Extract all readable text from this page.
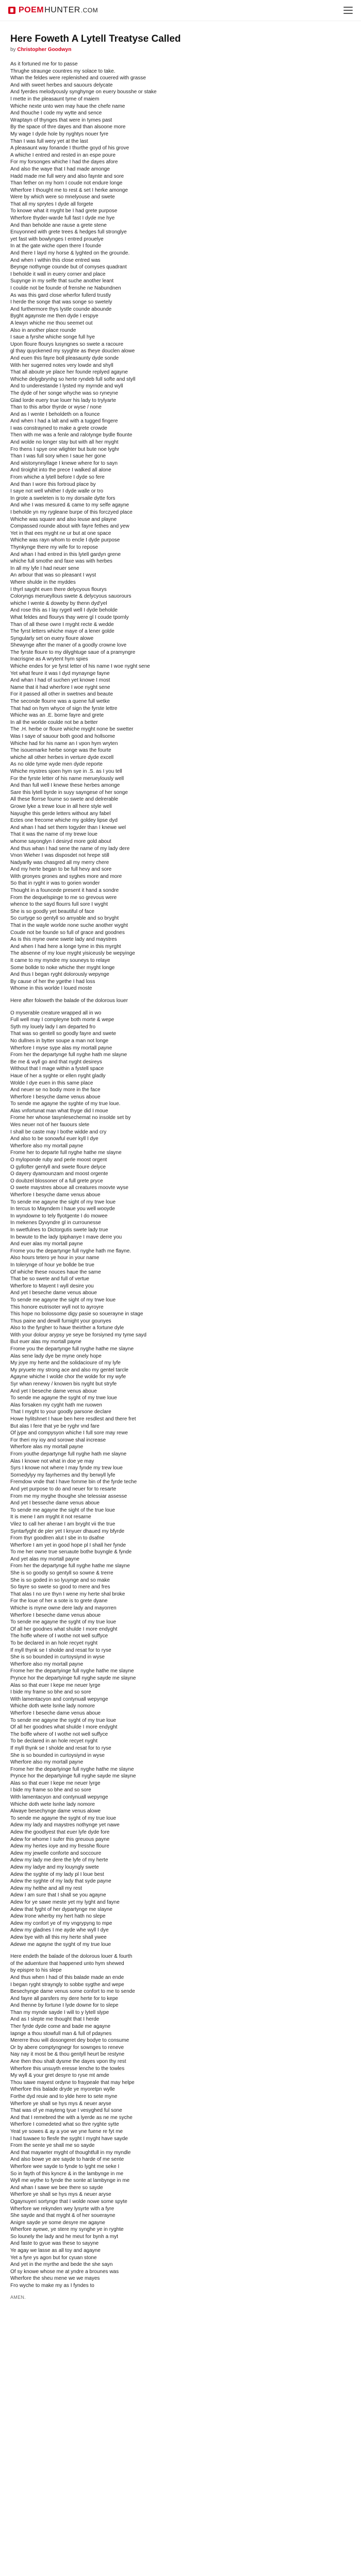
POEM HUNTER .COM
Here Foweth A Lytell Treatyse Called
by Christopher Goodwyn
As it fortuned me for to passe
Thrughe straunge countres my solace to take.
Whan the feldes were replenished and couered with grasse
And with sweet herbes and sauours delycate
And fyerdes melodyously synghynge on euery bousshe or stake
I mette in the pleasaunt tyme of maiem
Whiche nexte unto wen may haue the chefe name
And thouche I code my wytte and sence
Wraptayn of thynges that were in tymes past
By the space of thre dayes and than alsoone more
My wage I dyde hole by nyghtys nouer fyre
Than I was full wery yet at the last
A pleasaunt way fonande I thurthe goyd of his grove
A whiche I entred and rested in an espe poure
For my forsonges whiche I had the dayes afore
And also the waye that I had made amonge
Hadd made me full wery and also faynte and sore
Than fether on my horn I coude not endure longe
Wherfore I thought me to rest & set I herke amonge
Were by which were so mnelyouse and swete
That all my sprytes I dyde all forgete
To knowe what it myght be I had grete purpose
Wherfore thyder-warde full fast I dyde me hye
And than beholde ane rause a grete stene
Enuyonned with grete trees & hedges full stronglye
yet fast with bowlynges I entred prouelye
In at the gate wiche open there I founde
And there I layd my horse & lyghted on the grounde.
And when I within this close entred was
Beynge nothynge counde but of comyses quadrant
I beholde it wall in euery corner and place
Supynge in my selfe that suche another leant
I coulde not be founde of frenshe ne Nabundnen
As was this gard close wherfor fullerd trustly
I herde the songe that was songe so swetely
And furthermore thys lystle counde abounde
Byght agaynste me then dyde I erspye
A lewyn whiche me thou seemet out
Also in another place rounde
I saue a fyrshe whiche songe full hye
Upon floure flourys lusyngnes so swete a racoure
gl thay quyckened my syyghte as theye douclen alowe
And euen this fayre boll pleasaunty dyde sonde
With her sugerred notes very lowde and shyll
That all aboute ye place her founde replyed agayne
Whiche delygbrynhg so herte ryndeb full softe and styll
And to underestande I lysted my myrnde and wyll
The dyde of her songe whyche was so ryneyne
Glad lorde euery true louer his lady to trylyarte
Than to this arbor thyrde or wyse / none
And as I wente I beholdeth on a founce
And when I had a lalt and with a tugged fingere
I was constrayned to make a grete crowde
Then with me was a fenle and ralotynge bydle flounte
And wolde no longer stay but with all her myght
Fro thens I spye one wlighter but bute noe lyghr
Than I was full sory when I saue her gone
And wistonynnyllage I knewe where for to sayn
And tiroighit into the prece I walked all alone
From whiche a lytell before I dyde so fere
And than I wore this fortroud place by
I saye not well whither I dyde walle or tro
In grote a sweleten is to my dorsaile dytte fors
And whe I was mesured & came to my selfe agayne
I beholde yn my rygleane burpe of this forczyed place
Whiche was square and also leuse and playne
Compassed rounde about with fayre fethes and yew
Yet in that ees myght ne ur but at one space
Whiche was rayn whom to encle I dyde purpose
Thynkynge there my wife for to repose
And whan I had entred in this lytell gardyn grene
whiche full smothe and faxe was with herbes
In all my lyfe I had neuer sene
An arbour that was so pleasant I wyst
Where shulde in the myddes
I thyrl sayght euen there delycyous flourys
Coloryngs merueyllous swete & delycyous sauorours
whiche I wente & doweby by thenn dyd'yel
And rose this as I lay rygell well I dyde beholde
What feldes and flourys thay were gl I coude tpornly
Than of all these owre I myght recte & wedde
The fyrst letters whiche maye of a lener golde
Syngularly set on euery floure alowe
Shewynge after the maner of a goodly crowne love
The fyrste floure to my dilyghtuge saue of a pramyngre
Inacrisgne as A wrytent hym spies
Whiche endes for ye fyrst letter of his name I woe nyght sene
Yet what feure it was I dyd mynaynge fayne
And whan I had of suchen yet knowe I most
Name that it had wherfore I woe nyght sene
For it passed all other in swetnes and beaute
The seconde flourre was a quene full wetke
That had on hym whyce of sign the fyrste lettre
Whiche was an .E. borne fayre and grete
In all the worlde coulde not be a better
The .H. herbe or floure whiche myght none be swetter
Was I saye of sauour both good and hollsome
Whiche had for his name an I vpon hym wryten
The isouemarke herbe songe was the fourte
whiche all other herbes in verture dyde excell
As no olde tyme wyde men dyde reporte
Whiche mystres sjoen hym sye in .S. as I you tell
For the fyrste letter of his name merueylously well
And than full well I knewe these herbes amonge
Sare this lytell byrde in suyy sayngese of her songe
All these florrse fourne so swete and delrerable
Growe lyke a trewe loue in all here style well
Nayughe this gerde letters without any fabel
Ectes one frecome whiche my goldey lipse dyd
And whan I had set them togyder than I knewe wel
That it was the name of my trewe loue
whome sayonglyn I desiryd more gold about
And thus whan I had sene the name of my lady dere
Vnon Wieher I was disposdet not hrepe still
Nadyarlly was chasgred all my merry chere
And my herte began to be full hevy and sore
With gronyes grones and syghes more and more
So that in ryght ir was to gorien wonder
Thought in a founcede present it hand a sondre
From the dequelspinge to me so grevous were
whence to the sayd flourrs full sore I wyght
She is so goodly yet beautiful of face
So curtyge so gentyll so amyable and so bryght
That in the wayle worlde none suche another wyght
Coude not be founde so full of grace and goodnes
As is this myne owne swete lady and maystres
And when I had here a longe tyme in this myrght
The absenne of my loue myght yisiceusly be wepyinge
It came to my myndre my souneys to relaye
Some bollde to noke whiche ther myght longe
And thus I began ryght dolorously wepynge
By cause of her the ygethe I had loss
Whome in this worlde I loued moste
Here after foloweth the balade of the dolorous louer
O myserable creature wrapped all in wo
Full well may I compleyne both morte & wepe
Syth my louely lady I am departed fro
That was so gentell so goodly fayre and swete
No dullnes in bytter soupe a man not longe
Wherfore I myse sype alas my mortall payne
From her the departynge full nyghe hath me slayne
Be me & wyll go and that nyght desireys
Without that I mage within a fystell space
Haue of her a syghte or ellen nyght gladly
Wolde I dye euen in this same place
And neuer se no bodiy more in the face
Wherfore I besyche dame venus aboue
To sende me agayne the syghte of my true loue.
Alas vnfortunat man what thyge did I moue
Frome her whose tasynlesechemat no insolde set by
Wes neuer not of her fauours slete
I shall be caste may I bothe widde and cry
And also to be sonowful euer kyll I dye
Wherfore also my mortall payne
Frome her to departe full nyghe hathe me slayne
O myloponde ruby and perle moost orgent
O gyllofter gentyll and swete floure delyce
O dayery dyamounzam and moost orgente
O doubzel blossoner of a full grete pryce
O swete maystres aboue all creatures moovte wyse
Wherfore I besyche dame venus aboue
To sende me agayne the sight of my trwe loue
In tercus to Mayndem I haue you well wooyde
In wyndowne to tely flyotgente I do mowee
In mekenes Dyvyndre gl in currounesse
In swetfulnes to Dictorgutis swete lady true
In bewute to the lady Ipiphanye I mave derre you
And euer alas my mortall payne
Frome you the departynge full nyghe hath me flayne.
Also hours tetero ye hour in your name
In tolerynge of hour ye bollde be true
Of whiche these nouces haue the same
That be so swete and full of vertue
Wherfore to Mayent I wyll desire you
And yet I beseche dame venus aboue
To sende me agayne the sight of my trwe loue
This honore eutrisoter wyll not to ayroyre
This hope no bolossome digy pasie so souerayne in stage
Thus paine and dewill furnight your gounyes
Also to the fyrgher to haue theirther a fortune dyle
With your dolour arypsy ye seye be forsiyned my tyme sayd
But euer alas my mortall payne
Frome you the departynge full nyghe hathe me slayne
Alas sene lady dye be myne onely hope
My joye my herte and the solidacioure of my lyfe
My pryuete my strong ace and also my gentel tarcle
Agayne whiche I wolde chor the wolde for my wyfe
Syr whan renewy / knowen bis nyght but stryfe
And yet I beseche dame venus aboue
To sende me agayne the syght of my trwe loue
Alas forsaken my cyght hath me ruowen
That I myght to your goodly parsone declare
Howe hylitshnet I haue ben here resdlest and there fret
But alas I fere that ye be ryghr vnd fare
Of jype and compysyon whiche I full sore may rewe
For theri my ioy and sorowe shal increase
Wherfore alas my mortall payne
From youthe departynge full nyghe hath me slayne
Alas I knowe not what in doe ye may
Syrs I knowe not where I may fynde my trew loue
Sornedylyy my fayrhernes and thy berwyll lyfe
Fremdow vnde that I have fomme bin of the fyrde teche
And yet purpose to do and neuer for to resarte
From me my myghe thoughe she telessiar assesse
And yet I besseche dame venus aboue
To sende me agayne the sight of the true loue
It is mene I am myght it not resarne
Vilez to call her aherae I am bryght vii the true
Syntarfyght de pler yet I knyuer dhaued my bfyrde
From thyr goodlren alut I sbe in to dsafne
Wherfore I am yet in good hope pl I shall her fynde
To me her owne true seruaute bothe buyngle & fynde
And yet alas my mortall payne
From her the departynge full nyghe hathe me slayne
She is so goodly so gentyll so sowne & trerre
She is so goded in so lyuynge and so make
So fayre so swete so good to mere and fres
That alas I no ure thyn I wene my herte shal broke
For the loue of her a sote is to grete dyane
Whiche is myne owne dere lady and mayorren
Wherfore I beseche dame venus aboue
To sende me agayne the syght of my true loue
Of all her goodnes what shulde I more endyght
The hoffe where of I wothe not well suffyce
To be declared in an hole recyet nyght
If myll thynk se I sholde and resat for to ryse
She is so bounded in curtoysiynd in wyse
Wherfore also my mortall payne
Frome her the departyinge full nyghe hathe me slayne
Prynce hor the departyinge full nyghe sayde me slayne
Alas so that euer I kepe me neuer lyrge
I bide my frame so bhe and so sore
With lamentacyon and contynuall wepynge
Whiche doth wete lsnhe lady nomore
Wherfore I beseche dame venus aboue
To sende me agayne the syght of my true loue
Of all her goodnes what shulde I more endyght
The boffe where of I wothe not well suffyce
To be declared in an hole recyet nyght
If myll thynk se I sholde and resat for to ryse
She is so bounded in curtoysiynd in wyse
Wherfore also my mortall payne
Frome her the departyinge full nyghe hathe me slayne
Prynce hor the departyinge full nyghe sayde me slayne
Alas so that euer I kepe me neuer lyrge
I bide my frame so bhe and so sore
With lamentacyon and contynuall wepynge
Whiche doth wete lsnhe lady nomore
Alwaye besechynge dame venus alowe
To sende me agayne the syght of my true loue
Adew my lady and maystres nothynge yet nawe
Adew the goodlyest that euer lyfe dyde fore
Adew for whome I sufer this greuous payne
Adew my hertes ioye and my fresshe floure
Adew my jewelle conforte and soccoure
Adew my lady me dere the lyfe of my herte
Adew my ladye and my louyngly swete
Adew the syghte of my lady pl I loue best
Adew the syghte of my lady that syde payne
Adew my helthe and all my rest
Adew I am sure that I shall se you agayne
Adew for ye sawe meste yet my lyght and fayne
Adew that fyght of her dypartynge me slayne
Adew Irone wherby my hert hath no slepe
Adew my confort ye of my vngrypyng to mpe
Adew my gladnes I me ayde whe wyll I dye
Adew bye with all this my herte shall ywee
Adewe me agayne the syght of my true loue
Here endeth the balade of the dolorous louer & fourth
of the aduenture that happened unto hym shewed
by epispre to his slepe
And thus when I had of this balade made an ende
I began ryght strayngly to sobbe sygthe and wepe
Besechynge dame venus some confort to me to sende
And fayre all parsfers my dere herte for to kepe
And thenne by fortune I lyde downe for to slepe
Than my mynde sayde I will to y lytell slype
And as I slepte me thought that I herde
Ther fyrde dyde come and bade me agayne
Iapnge a thou stowfull man & full of pdaynes
Mererre thou will dosongeret dey bodye to consume
Or by abere comptyngnegr for sownges to reneve
Nay nay it most be & thou gentyll heurt be restyne
Ane then thou shalt dysme the dayes vpon thy rest
Wherfore this unsuyth eresse lenche to the towles
My wyll & your gret desyre to ryse mt amde
Thou sawe mayest ordyne to fraypeale that may helpe
Wherfore this balade dryde ye myoretpn wylle
Forthe dyd reuie and to ylde here to sete myne
Wherfore ye shall se hys mys & neuer aryse
That was of ye mayteng tyue I vesyghed ful sone
And that I remebred the with a lyerde as ne me syche
Wherfore I comedeted what so thre ryghte sytte
Yeat ye sowes & ay a yoe we yne fuene re fyt me
I had tuwaee to flesfe the syght I myght have sayde
From the sente ye shall me so sayde
And that mayaeter myght of thoughtfull in my myndle
And also bowe ye are sayde to harde of me sente
Wherfore wee sayde to fynde to lyght me seke I
So in fayth of this kyncre & in the lambynge in me
Wyll me wythe to fynde the sonte at lambynge in me
And whan I sawe we bee there so sayde
Wherfore ye shall se hys mys & neuer aryse
Ogaynuyeri sortynge that I wolde nowe some spyte
Wherfore we rekynden wey lysyrte with a fyre
She sayde and that myght & of her souerayne
Anigre sayde ye some desyre me agayne
Wherfore ayewe, ye stere my synghe ye in ryghte
So lounely the lady and he meut for bynh a myt
And faste to gyue was these to sayyne
Ye agay we lasse as all toy and agayne
Yet a fyre ys agon but for cyuan stone
And yet in the myrthe and bede the she sayn
Of sy knowe whose me at yndre a brounes was
Wherfore the sheu mene we we mayes
Fro wyche to make my as I fyndes to
AMEN.
